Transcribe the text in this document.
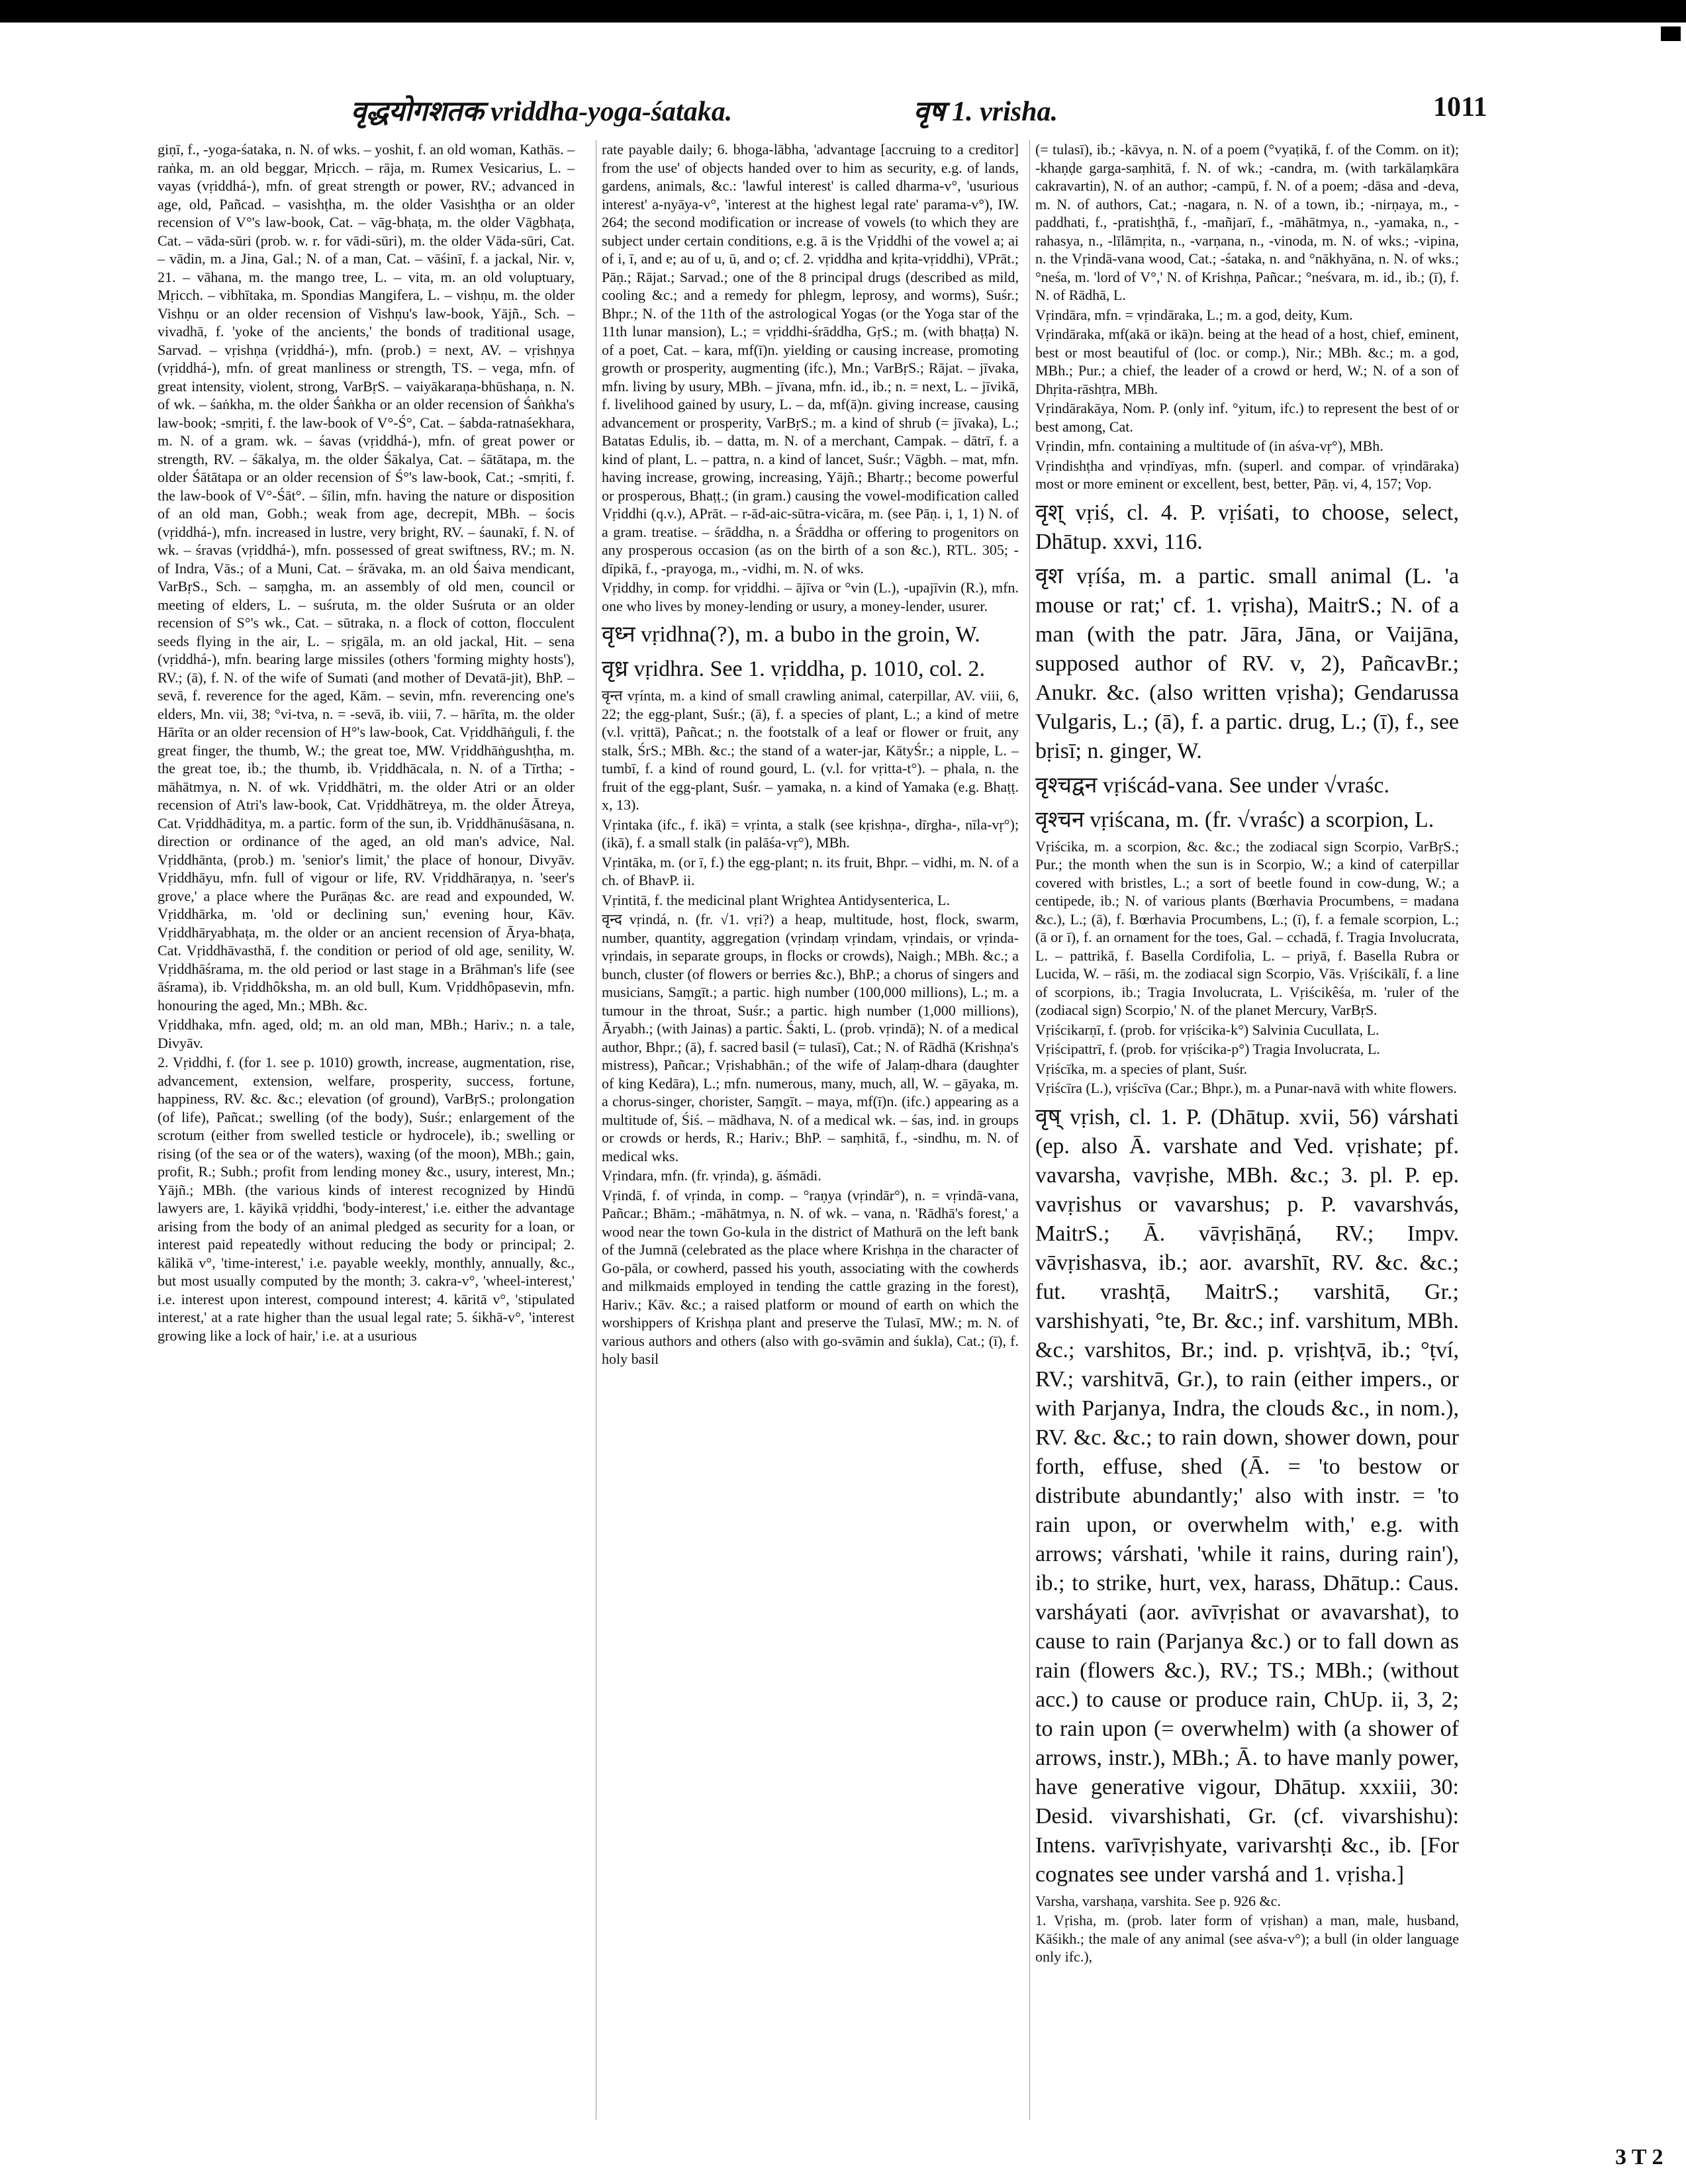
वृद्धयोगशतक vriddha-yoga-śataka.	वृष 1. vrisha.	1011

giṇī, f., -yoga-śataka, n. N. of wks. – yoshit, f. an old woman, Kathās. – raṅka, m. an old beggar, Mṛicch. – rāja, m. Rumex Vesicarius, L. – vayas (vṛiddhá-), mfn. of great strength or power, RV.; advanced in age, old, Pañcad. – vasishṭha, m. the older Vasishṭha or an older recension of V°'s law-book, Cat. – vāg-bhaṭa, m. the older Vāgbhaṭa, Cat. – vāda-sūri (prob. w. r. for vādi-sūri), m. the older Vāda-sūri, Cat. – vādin, m. a Jina, Gal.; N. of a man, Cat. – vāśinī, f. a jackal, Nir. v, 21. – vāhana, m. the mango tree, L. – vita, m. an old voluptuary, Mṛicch. – vibhītaka, m. Spondias Mangifera, L. – vishṇu, m. the older Vishṇu or an older recension of Vishṇu's law-book, Yājñ., Sch. – vivadhā, f. 'yoke of the ancients,' the bonds of traditional usage, Sarvad. – vṛishṇa (vṛiddhá-), mfn. (prob.) = next, AV. – vṛishṇya (vṛiddhá-), mfn. of great manliness or strength, TS. – vega, mfn. of great intensity, violent, strong, VarBṛS. – vaiyākaraṇa-bhūshaṇa, n. N. of wk. – śaṅkha, m. the older Śaṅkha or an older recension of Śaṅkha's law-book; -smṛiti, f. the law-book of V°-Ś°, Cat. – śabda-ratnaśekhara, m. N. of a gram. wk. – śavas (vṛiddhá-), mfn. of great power or strength, RV. – śākalya, m. the older Śākalya, Cat. – śātātapa, m. the older Śātātapa or an older recension of Ś°'s law-book, Cat.; -smṛiti, f. the law-book of V°-Śāt°. – śīlin, mfn. having the nature or disposition of an old man, Gobh.; weak from age, decrepit, MBh. – śocis (vṛiddhá-), mfn. increased in lustre, very bright, RV. – śaunakī, f. N. of wk. – śravas (vṛiddhá-), mfn. possessed of great swiftness, RV.; m. N. of Indra, Vās.; of a Muni, Cat. – śrāvaka, m. an old Śaiva mendicant, VarBṛS., Sch. – saṃgha, m. an assembly of old men, council or meeting of elders, L. – suśruta, m. the older Suśruta or an older recension of S°'s wk., Cat. – sūtraka, n. a flock of cotton, flocculent seeds flying in the air, L. – sṛigāla, m. an old jackal, Hit. – sena (vṛiddhá-), mfn. bearing large missiles (others 'forming mighty hosts'), RV.; (ā), f. N. of the wife of Sumati (and mother of Devatā-jit), BhP. – sevā, f. reverence for the aged, Kām. – sevin, mfn. reverencing one's elders, Mn. vii, 38; °vi-tva, n. = -sevā, ib. viii, 7. – hārīta, m. the older Hārīta or an older recension of H°'s law-book, Cat. Vṛiddhāṅguli, f. the great finger, the thumb, W.; the great toe, MW. Vṛiddhāṅgushṭha, m. the great toe, ib.; the thumb, ib. Vṛiddhācala, n. N. of a Tīrtha; -māhātmya, n. N. of wk. Vṛiddhātri, m. the older Atri or an older recension of Atri's law-book, Cat. Vṛiddhātreya, m. the older Ātreya, Cat. Vṛiddhāditya, m. a partic. form of the sun, ib. Vṛiddhānuśāsana, n. direction or ordinance of the aged, an old man's advice, Nal. Vṛiddhānta, (prob.) m. 'senior's limit,' the place of honour, Divyāv. Vṛiddhāyu, mfn. full of vigour or life, RV. Vṛiddhāraṇya, n. 'seer's grove,' a place where the Purāṇas &c. are read and expounded, W. Vṛiddhārka, m. 'old or declining sun,' evening hour, Kāv. Vṛiddhāryabhaṭa, m. the older or an ancient recension of Ārya-bhaṭa, Cat. Vṛiddhāvasthā, f. the condition or period of old age, senility, W. Vṛiddhāśrama, m. the old period or last stage in a Brāhman's life (see āśrama), ib. Vṛiddhôksha, m. an old bull, Kum. Vṛiddhôpasevin, mfn. honouring the aged, Mn.; MBh. &c.

Vṛiddhaka, mfn. aged, old; m. an old man, MBh.; Hariv.; n. a tale, Divyāv.

2. Vṛiddhi, f. (for 1. see p. 1010) growth, increase, augmentation, rise, advancement, extension, welfare, prosperity, success, fortune, happiness, RV. &c. &c.; elevation (of ground), VarBṛS.; prolongation (of life), Pañcat.; swelling (of the body), Suśr.; enlargement of the scrotum (either from swelled testicle or hydrocele), ib.; swelling or rising (of the sea or of the waters), waxing (of the moon), MBh.; gain, profit, R.; Subh.; profit from lending money &c., usury, interest, Mn.; Yājñ.; MBh. (the various kinds of interest recognized by Hindū lawyers are, 1. kāyikā vṛiddhi, 'body-interest,' i.e. either the advantage arising from the body of an animal pledged as security for a loan, or interest paid repeatedly without reducing the body or principal; 2. kālikā v°, 'time-interest,' i.e. payable weekly, monthly, annually, &c., but most usually computed by the month; 3. cakra-v°, 'wheel-interest,' i.e. interest upon interest, compound interest; 4. kāritā v°, 'stipulated interest,' at a rate higher than the usual legal rate; 5. śikhā-v°, 'interest growing like a lock of hair,' i.e. at a usurious

rate payable daily; 6. bhoga-lābha, 'advantage [accruing to a creditor] from the use' of objects handed over to him as security, e.g. of lands, gardens, animals, &c.: 'lawful interest' is called dharma-v°, 'usurious interest' a-nyāya-v°, 'interest at the highest legal rate' parama-v°), IW. 264; the second modification or increase of vowels (to which they are subject under certain conditions, e.g. ā is the Vṛiddhi of the vowel a; ai of i, ī, and e; au of u, ū, and o; cf. 2. vṛiddha and kṛita-vṛiddhi), VPrāt.; Pāṇ.; Rājat.; Sarvad.; one of the 8 principal drugs (described as mild, cooling &c.; and a remedy for phlegm, leprosy, and worms), Suśr.; Bhpr.; N. of the 11th of the astrological Yogas (or the Yoga star of the 11th lunar mansion), L.; = vṛiddhi-śrāddha, GṛS.; m. (with bhaṭṭa) N. of a poet, Cat. – kara, mf(ī)n. yielding or causing increase, promoting growth or prosperity, augmenting (ifc.), Mn.; VarBṛS.; Rājat. – jīvaka, mfn. living by usury, MBh. – jīvana, mfn. id., ib.; n. = next, L. – jīvikā, f. livelihood gained by usury, L. – da, mf(ā)n. giving increase, causing advancement or prosperity, VarBṛS.; m. a kind of shrub (= jīvaka), L.; Batatas Edulis, ib. – datta, m. N. of a merchant, Campak. – dātrī, f. a kind of plant, L. – pattra, n. a kind of lancet, Suśr.; Vāgbh. – mat, mfn. having increase, growing, increasing, Yājñ.; Bhartṛ.; become powerful or prosperous, Bhaṭṭ.; (in gram.) causing the vowel-modification called Vṛiddhi (q.v.), APrāt. – r-ād-aic-sūtra-vicāra, m. (see Pāṇ. i, 1, 1) N. of a gram. treatise. – śrāddha, n. a Śrāddha or offering to progenitors on any prosperous occasion (as on the birth of a son &c.), RTL. 305; -dīpikā, f., -prayoga, m., -vidhi, m. N. of wks.

Vṛiddhy, in comp. for vṛiddhi. – ājīva or °vin (L.), -upajīvin (R.), mfn. one who lives by money-lending or usury, a money-lender, usurer.

वृध्न vṛidhna(?), m. a bubo in the groin, W.

वृध्र vṛidhra. See 1. vṛiddha, p. 1010, col. 2.

वृन्त vṛínta, m. a kind of small crawling animal, caterpillar, AV. viii, 6, 22; the egg-plant, Suśr.; (ā), f. a species of plant, L.; a kind of metre (v.l. vṛittā), Pañcat.; n. the footstalk of a leaf or flower or fruit, any stalk, ŚrS.; MBh. &c.; the stand of a water-jar, KātyŚr.; a nipple, L. – tumbī, f. a kind of round gourd, L. (v.l. for vṛitta-t°). – phala, n. the fruit of the egg-plant, Suśr. – yamaka, n. a kind of Yamaka (e.g. Bhaṭṭ. x, 13).

Vṛintaka (ifc., f. ikā) = vṛinta, a stalk (see kṛishṇa-, dīrgha-, nīla-vṛ°); (ikā), f. a small stalk (in palāśa-vṛ°), MBh.

Vṛintāka, m. (or ī, f.) the egg-plant; n. its fruit, Bhpr. – vidhi, m. N. of a ch. of BhavP. ii.

Vṛintitā, f. the medicinal plant Wrightea Antidysenterica, L.

वृन्द vṛindá, n. (fr. √1. vṛi?) a heap, multitude, host, flock, swarm, number, quantity, aggregation (vṛindaṃ vṛindam, vṛindais, or vṛinda-vṛindais, in separate groups, in flocks or crowds), Naigh.; MBh. &c.; a bunch, cluster (of flowers or berries &c.), BhP.; a chorus of singers and musicians, Saṃgīt.; a partic. high number (100,000 millions), L.; m. a tumour in the throat, Suśr.; a partic. high number (1,000 millions), Āryabh.; (with Jainas) a partic. Śakti, L. (prob. vṛindā); N. of a medical author, Bhpr.; (ā), f. sacred basil (= tulasī), Cat.; N. of Rādhā (Krishṇa's mistress), Pañcar.; Vṛishabhān.; of the wife of Jalaṃ-dhara (daughter of king Kedāra), L.; mfn. numerous, many, much, all, W. – gāyaka, m. a chorus-singer, chorister, Saṃgīt. – maya, mf(ī)n. (ifc.) appearing as a multitude of, Śiś. – mādhava, N. of a medical wk. – śas, ind. in groups or crowds or herds, R.; Hariv.; BhP. – saṃhitā, f., -sindhu, m. N. of medical wks.

Vṛindara, mfn. (fr. vṛinda), g. āśmādi.

Vṛindā, f. of vṛinda, in comp. – °raṇya (vṛindār°), n. = vṛindā-vana, Pañcar.; Bhām.; -māhātmya, n. N. of wk. – vana, n. 'Rādhā's forest,' a wood near the town Go-kula in the district of Mathurā on the left bank of the Jumnā (celebrated as the place where Krishṇa in the character of Go-pāla, or cowherd, passed his youth, associating with the cowherds and milkmaids employed in tending the cattle grazing in the forest), Hariv.; Kāv. &c.; a raised platform or mound of earth on which the worshippers of Krishṇa plant and preserve the Tulasī, MW.; m. N. of various authors and others (also with go-svāmin and śukla), Cat.; (ī), f. holy basil

(= tulasī), ib.; -kāvya, n. N. of a poem (°vyaṭikā, f. of the Comm. on it); -khaṇḍe garga-saṃhitā, f. N. of wk.; -candra, m. (with tarkālaṃkāra cakravartin), N. of an author; -campū, f. N. of a poem; -dāsa and -deva, m. N. of authors, Cat.; -nagara, n. N. of a town, ib.; -nirṇaya, m., -paddhati, f., -pratishṭhā, f., -mañjarī, f., -māhātmya, n., -yamaka, n., -rahasya, n., -līlāmṛita, n., -varṇana, n., -vinoda, m. N. of wks.; -vipina, n. the Vṛindā-vana wood, Cat.; -śataka, n. and °nākhyāna, n. N. of wks.; °neśa, m. 'lord of V°,' N. of Krishṇa, Pañcar.; °neśvara, m. id., ib.; (ī), f. N. of Rādhā, L.

Vṛindāra, mfn. = vṛindāraka, L.; m. a god, deity, Kum.

Vṛindāraka, mf(akā or ikā)n. being at the head of a host, chief, eminent, best or most beautiful of (loc. or comp.), Nir.; MBh. &c.; m. a god, MBh.; Pur.; a chief, the leader of a crowd or herd, W.; N. of a son of Dhṛita-rāshṭra, MBh.

Vṛindārakāya, Nom. P. (only inf. °yitum, ifc.) to represent the best of or best among, Cat.

Vṛindin, mfn. containing a multitude of (in aśva-vṛ°), MBh.

Vṛindishṭha and vṛindīyas, mfn. (superl. and compar. of vṛindāraka) most or more eminent or excellent, best, better, Pāṇ. vi, 4, 157; Vop.

वृश् vṛiś, cl. 4. P. vṛiśati, to choose, select, Dhātup. xxvi, 116.

वृश vṛíśa, m. a partic. small animal (L. 'a mouse or rat;' cf. 1. vṛisha), MaitrS.; N. of a man (with the patr. Jāra, Jāna, or Vaijāna, supposed author of RV. v, 2), PañcavBr.; Anukr. &c. (also written vṛisha); Gendarussa Vulgaris, L.; (ā), f. a partic. drug, L.; (ī), f., see bṛisī; n. ginger, W.

वृश्चद्वन vṛiścád-vana. See under √vraśc.

वृश्चन vṛiścana, m. (fr. √vraśc) a scorpion, L.

Vṛiścika, m. a scorpion, &c. &c.; the zodiacal sign Scorpio, VarBṛS.; Pur.; the month when the sun is in Scorpio, W.; a kind of caterpillar covered with bristles, L.; a sort of beetle found in cow-dung, W.; a centipede, ib.; N. of various plants (Bœrhavia Procumbens, = madana &c.), L.; (ā), f. Bœrhavia Procumbens, L.; (ī), f. a female scorpion, L.; (ā or ī), f. an ornament for the toes, Gal. – cchadā, f. Tragia Involucrata, L. – pattrikā, f. Basella Cordifolia, L. – priyā, f. Basella Rubra or Lucida, W. – rāśi, m. the zodiacal sign Scorpio, Vās. Vṛiścikālī, f. a line of scorpions, ib.; Tragia Involucrata, L. Vṛiścikêśa, m. 'ruler of the (zodiacal sign) Scorpio,' N. of the planet Mercury, VarBṛS.

Vṛiścikarṇī, f. (prob. for vṛiścika-k°) Salvinia Cucullata, L.

Vṛiścipattrī, f. (prob. for vṛiścika-p°) Tragia Involucrata, L.

Vṛiścīka, m. a species of plant, Suśr.

Vṛiścīra (L.), vṛiścīva (Car.; Bhpr.), m. a Punar-navā with white flowers.

वृष् vṛish, cl. 1. P. (Dhātup. xvii, 56) várshati (ep. also Ā. varshate and Ved. vṛishate; pf. vavarsha, vavṛishe, MBh. &c.; 3. pl. P. ep. vavṛishus or vavarshus; p. P. vavarshvás, MaitrS.; Ā. vāvṛishāṇá, RV.; Impv. vāvṛishasva, ib.; aor. avarshīt, RV. &c. &c.; fut. vrashṭā, MaitrS.; varshitā, Gr.; varshishyati, °te, Br. &c.; inf. varshitum, MBh. &c.; varshitos, Br.; ind. p. vṛishṭvā, ib.; °ṭví, RV.; varshitvā, Gr.), to rain (either impers., or with Parjanya, Indra, the clouds &c., in nom.), RV. &c. &c.; to rain down, shower down, pour forth, effuse, shed (Ā. = 'to bestow or distribute abundantly;' also with instr. = 'to rain upon, or overwhelm with,' e.g. with arrows; várshati, 'while it rains, during rain'), ib.; to strike, hurt, vex, harass, Dhātup.: Caus. varsháyati (aor. avīvṛishat or avavarshat), to cause to rain (Parjanya &c.) or to fall down as rain (flowers &c.), RV.; TS.; MBh.; (without acc.) to cause or produce rain, ChUp. ii, 3, 2; to rain upon (= overwhelm) with (a shower of arrows, instr.), MBh.; Ā. to have manly power, have generative vigour, Dhātup. xxxiii, 30: Desid. vivarshishati, Gr. (cf. vivarshishu): Intens. varīvṛishyate, varivarshṭi &c., ib. [For cognates see under varshá and 1. vṛisha.]

Varsha, varshaṇa, varshita. See p. 926 &c.

1. Vṛisha, m. (prob. later form of vṛishan) a man, male, husband, Kāśikh.; the male of any animal (see aśva-v°); a bull (in older language only ifc.),

3 T 2
